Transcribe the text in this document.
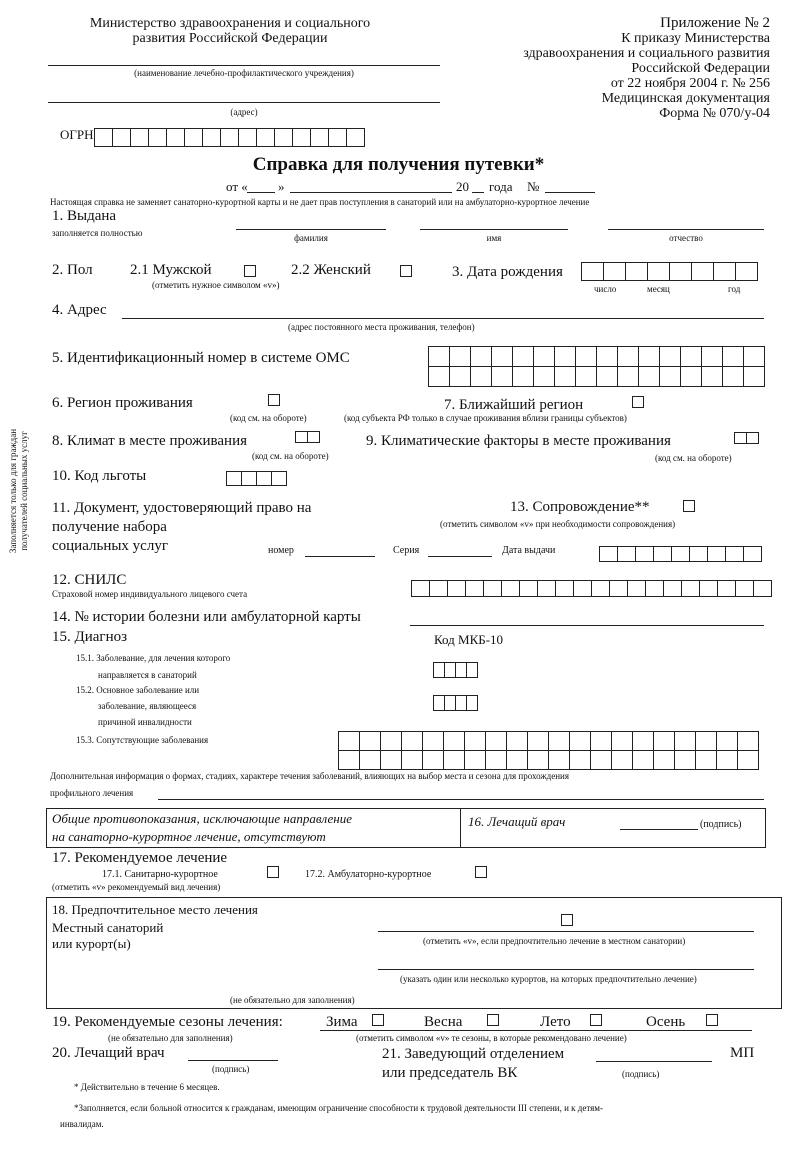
Министерство здравоохранения и социального
развития Российской Федерации
(наименование лечебно-профилактического учреждения)
(адрес)
ОГРН
Приложение № 2
К приказу Министерства
здравоохранения и социального развития
Российской Федерации
от 22 ноября 2004 г. № 256
Медицинская документация
Форма № 070/у-04
Справка для получения путевки*
от « »	20 года №
Настоящая справка не заменяет санаторно-курортной карты и не дает прав поступления в санаторий или на амбулаторно-курортное лечение
Заполняется только для граждан получателей социальных услуг
1. Выдана
заполняется полностью	фамилия	имя	отчество
2. Пол 2.1 Мужской	2.2 Женский
(отметить нужное символом «v»)
3. Дата рождения
число	месяц	год
4. Адрес
(адрес постоянного места проживания, телефон)
5. Идентификационный номер в системе ОМС
6. Регион проживания
(код см. на обороте)
7. Ближайший регион
(код субъекта РФ только в случае проживания вблизи границы субъектов)
8. Климат в месте проживания
(код см. на обороте)
9. Климатические факторы в месте проживания
(код см. на обороте)
10. Код льготы
11. Документ, удостоверяющий право на
получение набора
социальных услуг
13. Сопровождение**
(отметить символом «v» при необходимости сопровождения)
номер	Серия	Дата выдачи
12. СНИЛС
Страховой номер индивидуального лицевого счета
14. № истории болезни или амбулаторной карты
15. Диагноз	Код МКБ-10
15.1. Заболевание, для лечения которого
направляется в санаторий
15.2. Основное заболевание или
заболевание, являющееся
причиной инвалидности
15.3. Сопутствующие заболевания
Дополнительная информация о формах, стадиях, характере течения заболеваний, влияющих на выбор места и сезона для прохождения
профильного лечения
Общие противопоказания, исключающие направление
на санаторно-курортное лечение, отсутствуют
16. Лечащий врач	(подпись)
17. Рекомендуемое лечение
17.1. Санитарно-курортное	17.2. Амбулаторно-курортное
(отметить «v» рекомендуемый вид лечения)
18. Предпочтительное место лечения
Местный санаторий
или курорт(ы)	(отметить «v», если предпочтительно лечение в местном санатории)
(указать один или несколько курортов, на которых предпочтительно лечение)
(не обязательно для заполнения)
19. Рекомендуемые сезоны лечения:	Зима	Весна	Лето	Осень
(не обязательно для заполнения)	(отметить символом «v» те сезоны, в которые рекомендовано лечение)
20. Лечащий врач
(подпись)
21. Заведующий отделением
или председатель ВК	(подпись)
МП
* Действительно в течение 6 месяцев.
*Заполняется, если больной относится к гражданам, имеющим ограничение способности к трудовой деятельности III степени, и к детям-
инвалидам.
